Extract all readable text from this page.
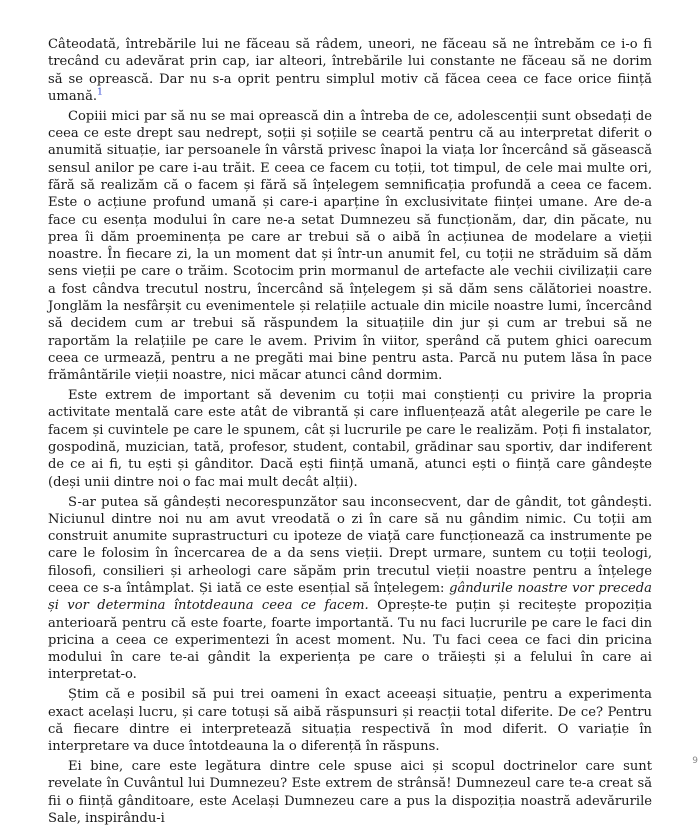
Câteodată, întrebările lui ne făceau să râdem, uneori, ne făceau să ne întrebăm ce i-o fi trecând cu adevărat prin cap, iar alteori, întrebările lui constante ne făceau să ne dorim să se oprească. Dar nu s-a oprit pentru simplul motiv că făcea ceea ce face orice ființă umană.$^1$

Copiii mici par să nu se mai oprească din a întreba de ce, adolescenții sunt obsedați de ceea ce este drept sau nedrept, soții și soțiile se ceartă pentru că au interpretat diferit o anumită situație, iar persoanele în vârstă privesc înapoi la viața lor încercând să găsească sensul anilor pe care i-au trăit. E ceea ce facem cu toții, tot timpul, de cele mai multe ori, fără să realizăm că o facem și fără să înțelegem semnificația profundă a ceea ce facem. Este o acțiune profund umană și care-i aparține în exclusivitate ființei umane. Are de-a face cu esența modului în care ne-a setat Dumnezeu să funcționăm, dar, din păcate, nu prea îi dăm proeminența pe care ar trebui să o aibă în acțiunea de modelare a vieții noastre. În fiecare zi, la un moment dat și într-un anumit fel, cu toții ne străduim să dăm sens vieții pe care o trăim. Scotocim prin mormanul de artefacte ale vechii civilizații care a fost cândva trecutul nostru, încercând să înțelegem și să dăm sens călătoriei noastre. Jonglăm la nesfârșit cu evenimentele și relațiile actuale din micile noastre lumi, încercând să decidem cum ar trebui să răspundem la situațiile din jur și cum ar trebui să ne raportăm la relațiile pe care le avem. Privim în viitor, sperând că putem ghici oarecum ceea ce urmează, pentru a ne pregăti mai bine pentru asta. Parcă nu putem lăsa în pace frământările vieții noastre, nici măcar atunci când dormim.

Este extrem de important să devenim cu toții mai conștienți cu privire la propria activitate mentală care este atât de vibrantă și care influențează atât alegerile pe care le facem și cuvintele pe care le spunem, cât și lucrurile pe care le realizăm. Poți fi instalator, gospodină, muzician, tată, profesor, student, contabil, grădinar sau sportiv, dar indiferent de ce ai fi, tu ești și gânditor. Dacă ești ființă umană, atunci ești o ființă care gândește (deși unii dintre noi o fac mai mult decât alții).

S-ar putea să gândești necorespunzător sau inconsecvent, dar de gândit, tot gândești. Niciunul dintre noi nu am avut vreodată o zi în care să nu gândim nimic. Cu toții am construit anumite suprastructuri cu ipoteze de viață care funcționează ca instrumente pe care le folosim în încercarea de a da sens vieții. Drept urmare, suntem cu toții teologi, filosofi, consilieri și arheologi care săpăm prin trecutul vieții noastre pentru a înțelege ceea ce s-a întâmplat. Și iată ce este esențial să înțelegem: gândurile noastre vor preceda și vor determina întotdeauna ceea ce facem. Oprește-te puțin și recitește propoziția anterioară pentru că este foarte, foarte importantă. Tu nu faci lucrurile pe care le faci din pricina a ceea ce experimentezi în acest moment. Nu. Tu faci ceea ce faci din pricina modului în care te-ai gândit la experiența pe care o trăiești și a felului în care ai interpretat-o.

Știm că e posibil să pui trei oameni în exact aceeași situație, pentru a experimenta exact același lucru, și care totuși să aibă răspunsuri și reacții total diferite. De ce? Pentru că fiecare dintre ei interpretează situația respectivă în mod diferit. O variație în interpretare va duce întotdeauna la o diferență în răspuns.

Ei bine, care este legătura dintre cele spuse aici și scopul doctrinelor care sunt revelate în Cuvântul lui Dumnezeu? Este extrem de strânsă! Dumnezeul care te-a creat să fii o ființă gânditoare, este Același Dumnezeu care a pus la dispoziția noastră adevărurile Sale, inspirându-i

9
